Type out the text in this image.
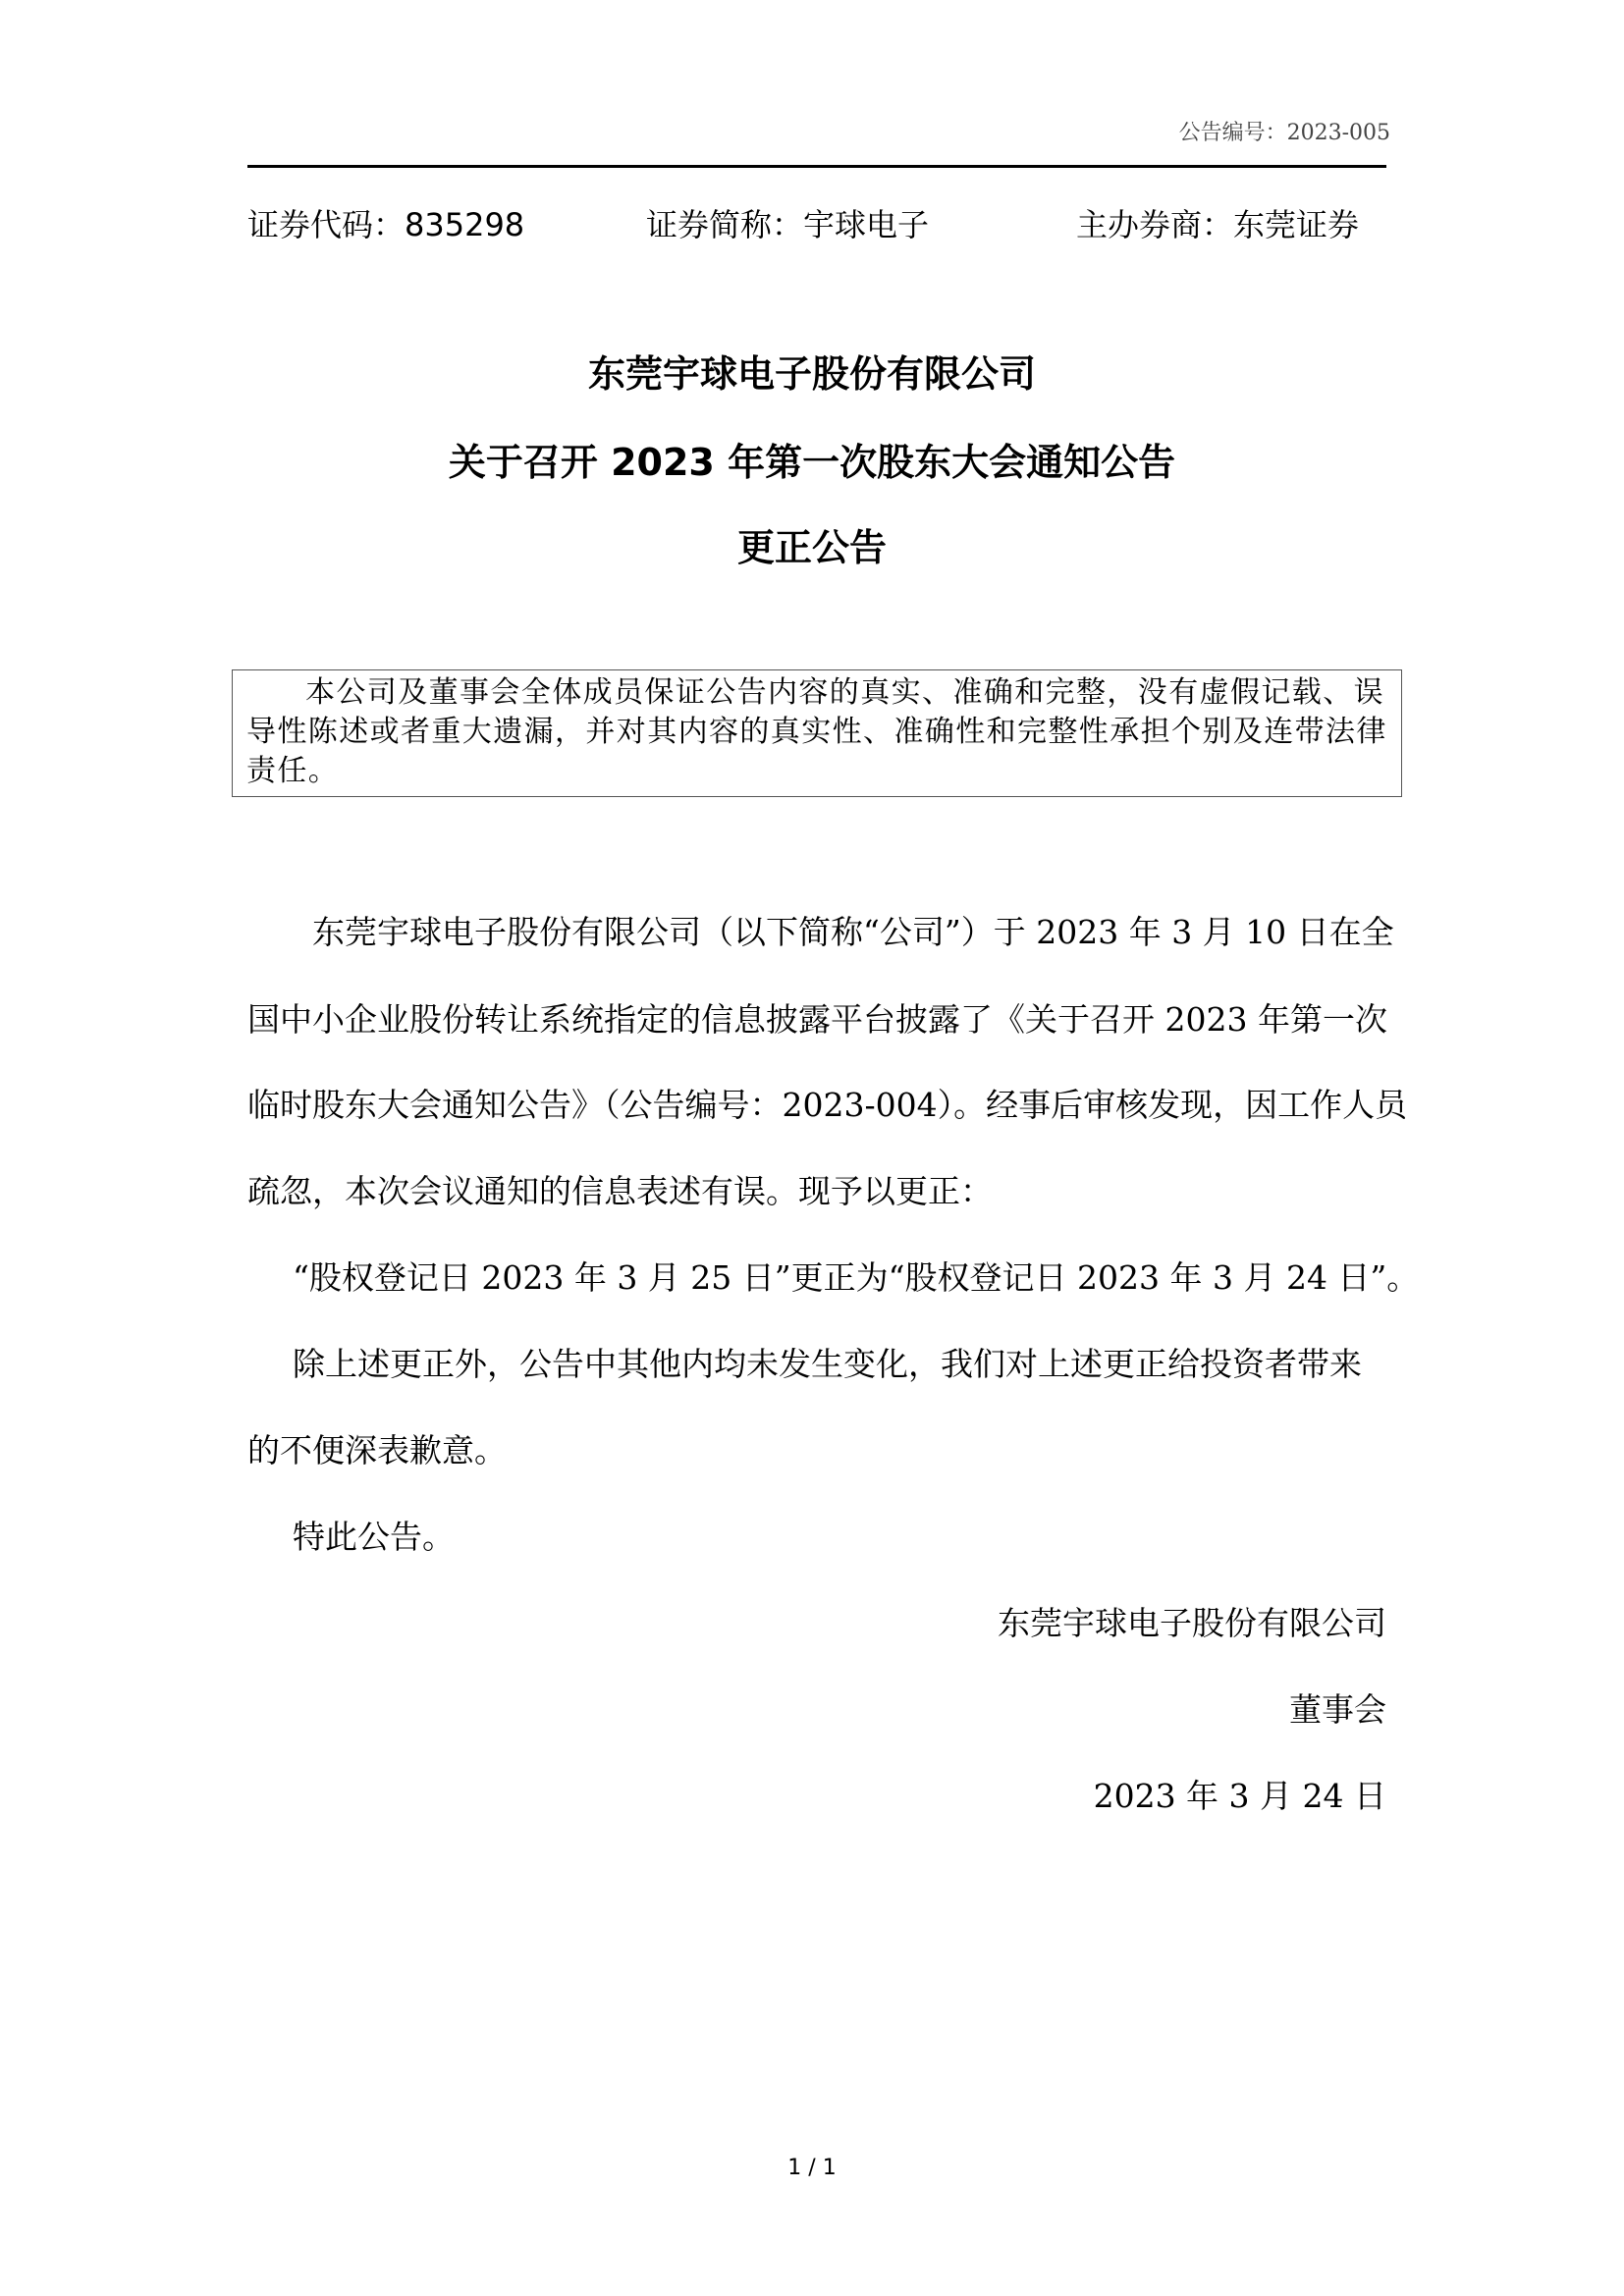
公告编号：2023-005
证券代码：835298	证券简称：宇球电子	主办券商：东莞证券
东莞宇球电子股份有限公司
关于召开 2023 年第一次股东大会通知公告
更正公告
本公司及董事会全体成员保证公告内容的真实、准确和完整，没有虚假记载、误导性陈述或者重大遗漏，并对其内容的真实性、准确性和完整性承担个别及连带法律责任。
东莞宇球电子股份有限公司（以下简称“公司”）于 2023 年 3 月 10 日在全
国中小企业股份转让系统指定的信息披露平台披露了《关于召开 2023 年第一次
临时股东大会通知公告》（公告编号：2023-004）。经事后审核发现，因工作人员
疏忽，本次会议通知的信息表述有误。现予以更正：
“股权登记日 2023 年 3 月 25 日”更正为“股权登记日 2023 年 3 月 24 日”。
除上述更正外，公告中其他内均未发生变化，我们对上述更正给投资者带来
的不便深表歉意。
特此公告。
东莞宇球电子股份有限公司
董事会
2023 年 3 月 24 日
1 / 1
